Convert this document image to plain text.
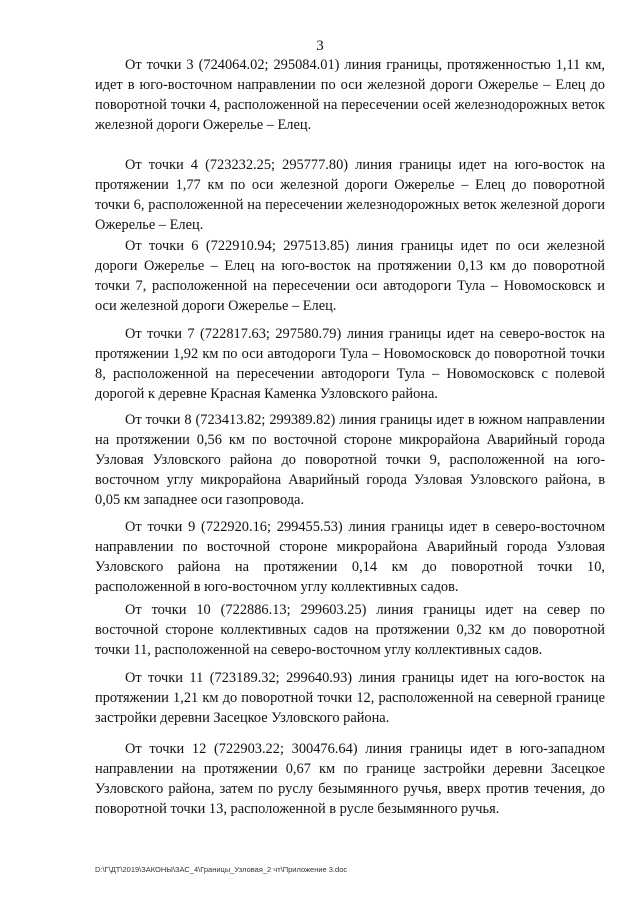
3

От точки 3 (724064.02; 295084.01) линия границы, протяженностью 1,11 км, идет в юго-восточном направлении по оси железной дороги Ожерелье – Елец до поворотной точки 4, расположенной на пересечении осей железнодорожных веток железной дороги Ожерелье – Елец.

От точки 4 (723232.25; 295777.80) линия границы идет на юго-восток на протяжении 1,77 км по оси железной дороги Ожерелье – Елец до поворотной точки 6, расположенной на пересечении железнодорожных веток железной дороги Ожерелье – Елец.

От точки 6 (722910.94; 297513.85) линия границы идет по оси железной дороги Ожерелье – Елец на юго-восток на протяжении 0,13 км до поворотной точки 7, расположенной на пересечении оси автодороги Тула – Новомосковск и оси железной дороги Ожерелье – Елец.

От точки 7 (722817.63; 297580.79) линия границы идет на северо-восток на протяжении 1,92 км по оси автодороги Тула – Новомосковск до поворотной точки 8, расположенной на пересечении автодороги Тула – Новомосковск с полевой дорогой к деревне Красная Каменка Узловского района.

От точки 8 (723413.82; 299389.82) линия границы идет в южном направлении на протяжении 0,56 км по восточной стороне микрорайона Аварийный города Узловая Узловского района до поворотной точки 9, расположенной на юго-восточном углу микрорайона Аварийный города Узловая Узловского района, в 0,05 км западнее оси газопровода.

От точки 9 (722920.16; 299455.53) линия границы идет в северо-восточном направлении по восточной стороне микрорайона Аварийный города Узловая Узловского района на протяжении 0,14 км до поворотной точки 10, расположенной в юго-восточном углу коллективных садов.

От точки 10 (722886.13; 299603.25) линия границы идет на север по восточной стороне коллективных садов на протяжении 0,32 км до поворотной точки 11, расположенной на северо-восточном углу коллективных садов.

От точки 11 (723189.32; 299640.93) линия границы идет на юго-восток на протяжении 1,21 км до поворотной точки 12, расположенной на северной границе застройки деревни Засецкое Узловского района.

От точки 12 (722903.22; 300476.64) линия границы идет в юго-западном направлении на протяжении 0,67 км по границе застройки деревни Засецкое Узловского района, затем по руслу безымянного ручья, вверх против течения, до поворотной точки 13, расположенной в русле безымянного ручья.

D:\Г\ДТ\2019\ЗАКОНЫ\ЗАС_4\Границы_Узловая_2 чт\Приложение 3.doc
